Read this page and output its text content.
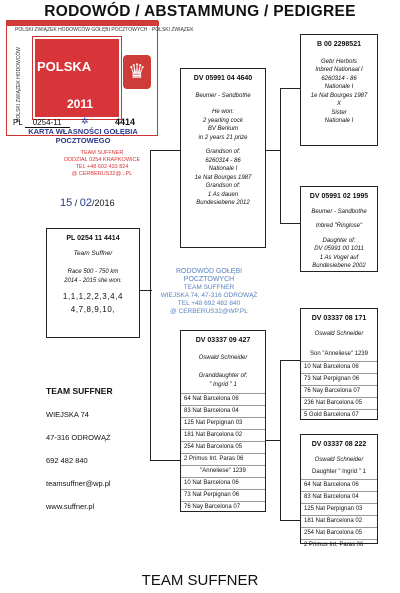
RODOWÓD / ABSTAMMUNG / PEDIGREE
POLSKI ZWIĄZEK HODOWCÓW GOŁĘBI POCZTOWYCH · POLSKI ZWIĄZEK
POLSKI ZWIĄZEK HODOWCÓW POLSKA
2011
♛
PL 0254-11	✲	4414
KARTA WŁASNOŚCI GOŁĘBIA POCZTOWEGO
TEAM SUFFNER
ODDZIAŁ 0254 KRAPKOWICE
TEL +48 602 433 824
@ CERBERUS32@...PL
15 / 02/2016

PL 0254 11 4414

Team Suffner

Race 500 - 750 km

2014 - 2015 she won:

1,1,1,2,2,3,4,4

4,7,8,9,10,

DV 05991 04 4640

Beumer - Sandbothe

He won:

2 yearling cock

BV Berkum

in 2 years 21 prize

Grandson of:

6260314 - 86

Nationale I

1e Nat Bourges 1987

Grandson of:

1 As dauen

Bundesiebene 2012

B 00 2298521

Gebr Herbots

Inbred Nationaal I

6260314 - 86

Nationale I

1e Nat Bourges 1987

X

Sister

Nationale I

DV 05991 02 1995

Beumer - Sandbothe

Inbred "Ringlose"

Daughter of:

DV 05991 00 1011

1 As Vogel auf

Bundesiebene 2002

RODOWÓD GOŁĘBI POCZTOWYCH
TEAM SUFFNER
WIEJSKA 74, 47-316 ODROWĄŻ
TEL +48 692 482 840
@ CERBERUS32@WP.PL

DV 03337 09 427

Oswald Schneider

Granddaughter of:

" Ingrid " 1

64 Nat Barcelona 06
83 Nat Barcelona 04
125 Nat Perpignan 03
181 Nat Barcelona 02
254 Nat Barcelona 05
2 Primus Int. Paras 06
"Anneliese" 1239
10 Nat Barcelona 06
73 Nat Perpignan 06
76 Nay Barcelona 07

DV 03337 08 171

Oswald Schneider

Son "Anneliese" 1239

10 Nat Barcelona 06
73 Nat Perpignan 06
76 Nay Barcelona 07
236 Nat Barcelona 05
5 Gold Barcelona 07

DV 03337 08 222

Oswald Schneider

Daughter " Ingrid " 1

64 Nat Barcelona 06
83 Nat Barcelona 04
125 Nat Perpignan 03
181 Nat Barcelona 02
254 Nat Barcelona 05
2 Primus Int. Paras 06
TEAM SUFFNER
WIEJSKA 74
47-316 ODROWĄŻ
692 482 840
teamsuffner@wp.pl
www.suffner.pl
TEAM SUFFNER
